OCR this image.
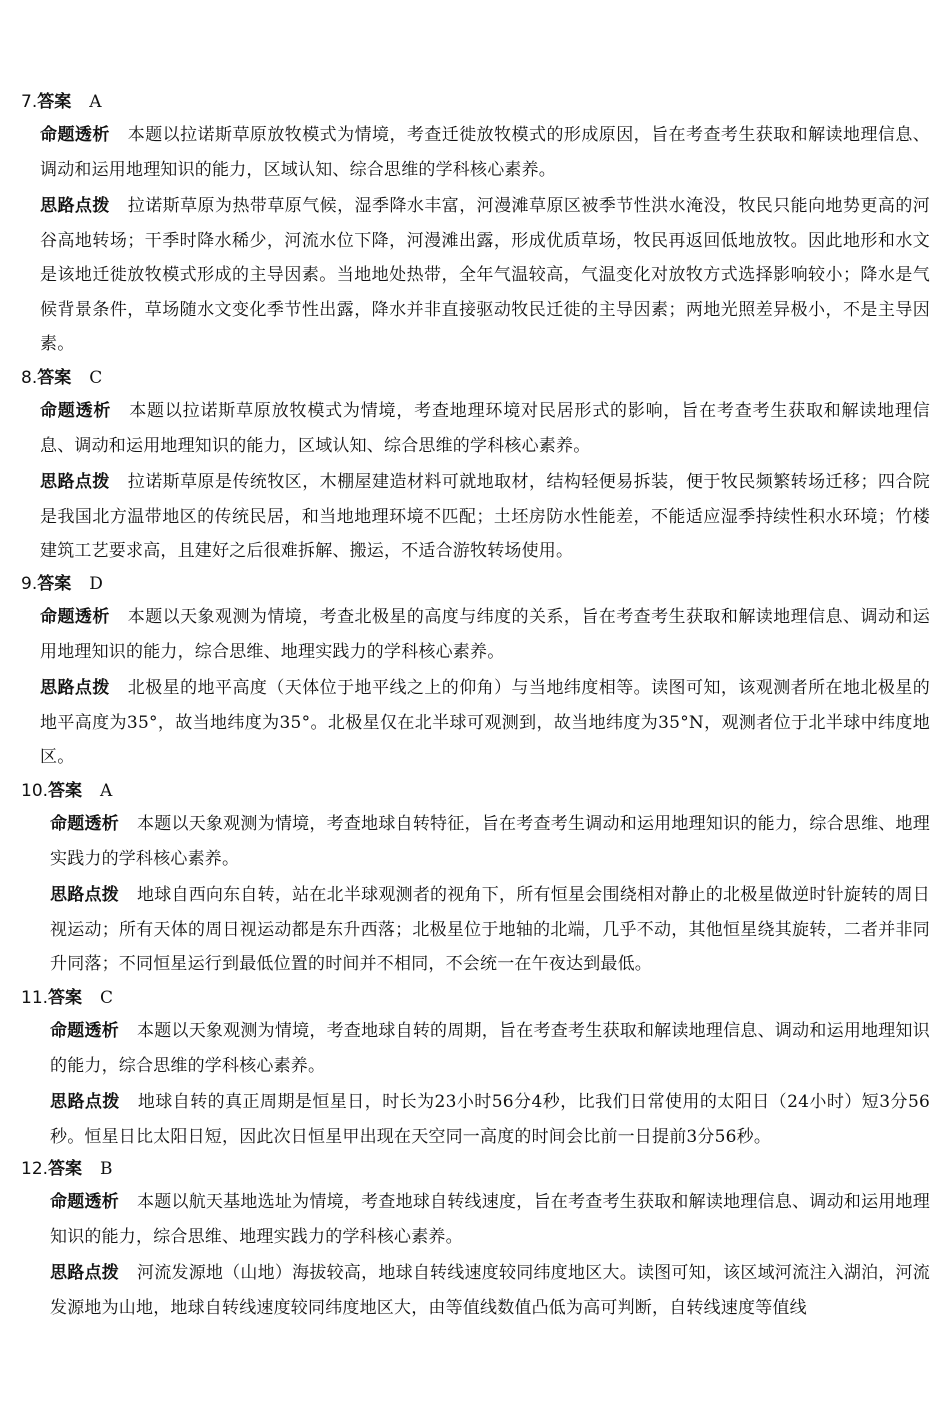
7.答案 A
命题透析 本题以拉诺斯草原放牧模式为情境，考查迁徙放牧模式的形成原因，旨在考查考生获取和解读地理信息、调动和运用地理知识的能力，区域认知、综合思维的学科核心素养。
思路点拨 拉诺斯草原为热带草原气候，湿季降水丰富，河漫滩草原区被季节性洪水淹没，牧民只能向地势更高的河谷高地转场；干季时降水稀少，河流水位下降，河漫滩出露，形成优质草场，牧民再返回低地放牧。因此地形和水文是该地迁徙放牧模式形成的主导因素。当地地处热带，全年气温较高，气温变化对放牧方式选择影响较小；降水是气候背景条件，草场随水文变化季节性出露，降水并非直接驱动牧民迁徙的主导因素；两地光照差异极小，不是主导因素。
8.答案 C
命题透析 本题以拉诺斯草原放牧模式为情境，考查地理环境对民居形式的影响，旨在考查考生获取和解读地理信息、调动和运用地理知识的能力，区域认知、综合思维的学科核心素养。
思路点拨 拉诺斯草原是传统牧区，木棚屋建造材料可就地取材，结构轻便易拆装，便于牧民频繁转场迁移；四合院是我国北方温带地区的传统民居，和当地地理环境不匹配；土坯房防水性能差，不能适应湿季持续性积水环境；竹楼建筑工艺要求高，且建好之后很难拆解、搬运，不适合游牧转场使用。
9.答案 D
命题透析 本题以天象观测为情境，考查北极星的高度与纬度的关系，旨在考查考生获取和解读地理信息、调动和运用地理知识的能力，综合思维、地理实践力的学科核心素养。
思路点拨 北极星的地平高度（天体位于地平线之上的仰角）与当地纬度相等。读图可知，该观测者所在地北极星的地平高度为35°，故当地纬度为35°。北极星仅在北半球可观测到，故当地纬度为35°N，观测者位于北半球中纬度地区。
10.答案 A
命题透析 本题以天象观测为情境，考查地球自转特征，旨在考查考生调动和运用地理知识的能力，综合思维、地理实践力的学科核心素养。
思路点拨 地球自西向东自转，站在北半球观测者的视角下，所有恒星会围绕相对静止的北极星做逆时针旋转的周日视运动；所有天体的周日视运动都是东升西落；北极星位于地轴的北端，几乎不动，其他恒星绕其旋转，二者并非同升同落；不同恒星运行到最低位置的时间并不相同，不会统一在午夜达到最低。
11.答案 C
命题透析 本题以天象观测为情境，考查地球自转的周期，旨在考查考生获取和解读地理信息、调动和运用地理知识的能力，综合思维的学科核心素养。
思路点拨 地球自转的真正周期是恒星日，时长为23小时56分4秒，比我们日常使用的太阳日（24小时）短3分56秒。恒星日比太阳日短，因此次日恒星甲出现在天空同一高度的时间会比前一日提前3分56秒。
12.答案 B
命题透析 本题以航天基地选址为情境，考查地球自转线速度，旨在考查考生获取和解读地理信息、调动和运用地理知识的能力，综合思维、地理实践力的学科核心素养。
思路点拨 河流发源地（山地）海拔较高，地球自转线速度较同纬度地区大。读图可知，该区域河流注入湖泊，河流发源地为山地，地球自转线速度较同纬度地区大，由等值线数值凸低为高可判断，自转线速度等值线
